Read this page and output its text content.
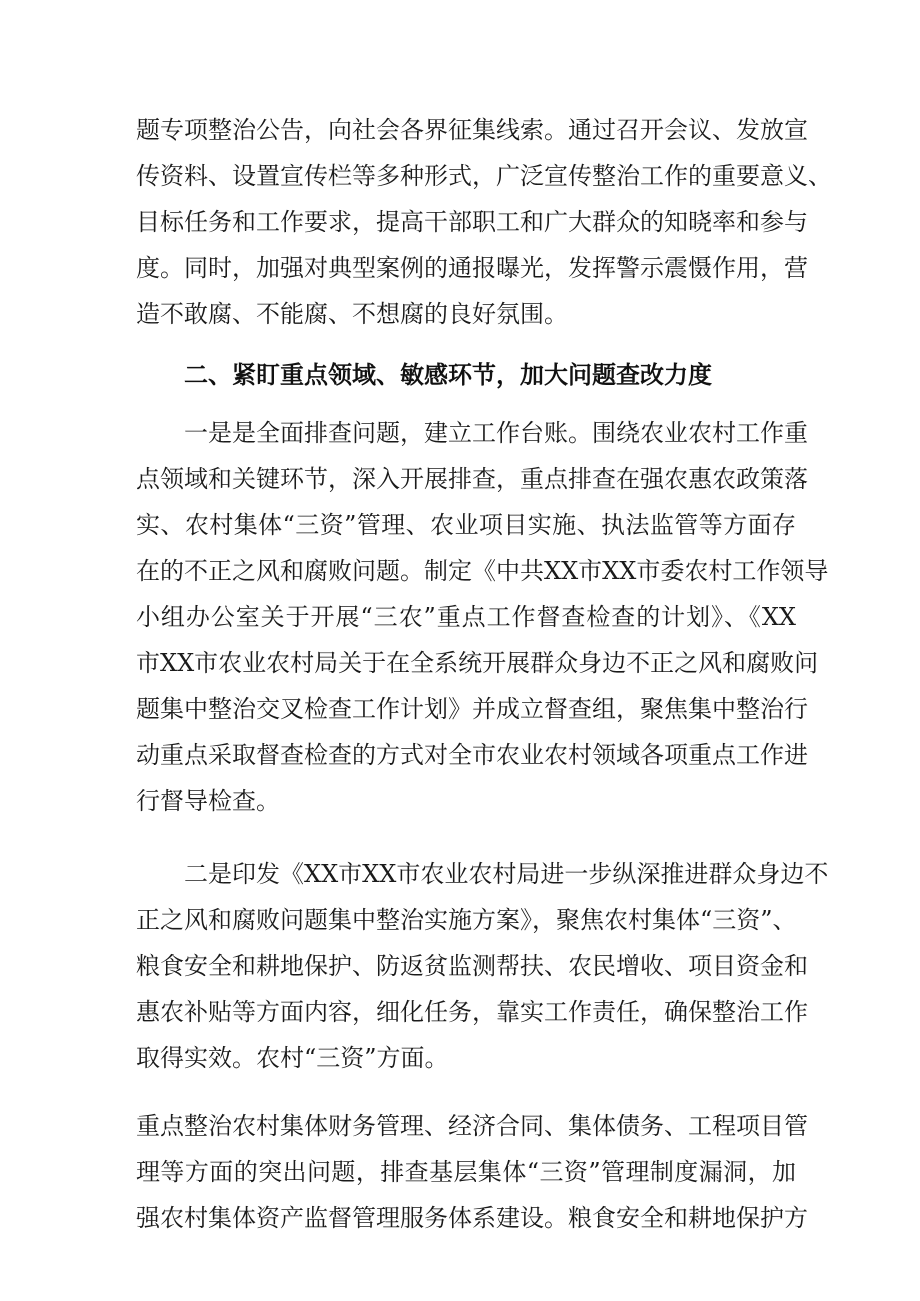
题专项整治公告，向社会各界征集线索。通过召开会议、发放宣
传资料、设置宣传栏等多种形式，广泛宣传整治工作的重要意义、
目标任务和工作要求，提高干部职工和广大群众的知晓率和参与
度。同时，加强对典型案例的通报曝光，发挥警示震慑作用，营
造不敢腐、不能腐、不想腐的良好氛围。
二、紧盯重点领域、敏感环节，加大问题查改力度
一是是全面排查问题，建立工作台账。围绕农业农村工作重
点领域和关键环节，深入开展排查，重点排查在强农惠农政策落
实、农村集体“三资”管理、农业项目实施、执法监管等方面存
在的不正之风和腐败问题。制定《中共XX市XX市委农村工作领导
小组办公室关于开展“三农”重点工作督查检查的计划》、《XX
市XX市农业农村局关于在全系统开展群众身边不正之风和腐败问
题集中整治交叉检查工作计划》并成立督查组，聚焦集中整治行
动重点采取督查检查的方式对全市农业农村领域各项重点工作进
行督导检查。
二是印发《XX市XX市农业农村局进一步纵深推进群众身边不
正之风和腐败问题集中整治实施方案》，聚焦农村集体“三资”、
粮食安全和耕地保护、防返贫监测帮扶、农民增收、项目资金和
惠农补贴等方面内容，细化任务，靠实工作责任，确保整治工作
取得实效。农村“三资”方面。
重点整治农村集体财务管理、经济合同、集体债务、工程项目管
理等方面的突出问题，排查基层集体“三资”管理制度漏洞，加
强农村集体资产监督管理服务体系建设。粮食安全和耕地保护方
